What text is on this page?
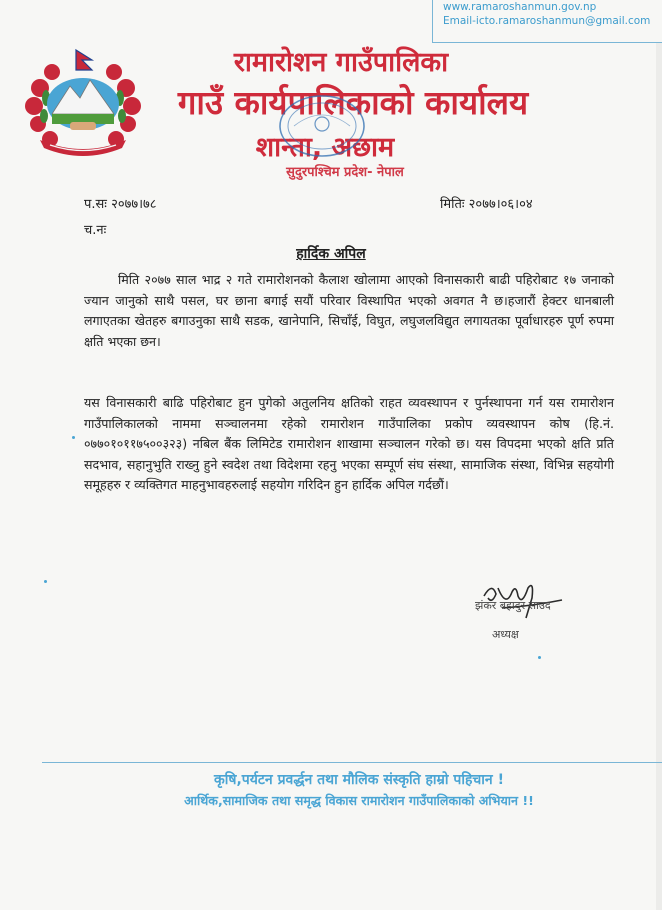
www.ramaroshanmun.gov.np
Email-icto.ramaroshanmun@gmail.com
रामारोशन गाउँपालिका
गाउँ कार्यपालिकाको कार्यालय
शान्ता, अछाम
सुदुरपश्चिम प्रदेश- नेपाल
प.सः २०७७।७८	मितिः २०७७।०६।०४
च.नः
हार्दिक अपिल
मिति २०७७ साल भाद्र २ गते रामारोशनको कैलाश खोलामा आएको विनासकारी बाढी पहिरोबाट १७ जनाको ज्यान जानुको साथै पसल, घर छाना बगाई सयौं परिवार विस्थापित भएको अवगत नै छ।हजारौं हेक्टर धानबाली लगाएतका खेतहरु बगाउनुका साथै सडक, खानेपानि, सिचाँई, विघुत, लघुजलविद्युत लगायतका पूर्वाधारहरु पूर्ण रुपमा क्षति भएका छन।
यस विनासकारी बाढि पहिरोबाट हुन पुगेको अतुलनिय क्षतिको राहत व्यवस्थापन र पुर्नस्थापना गर्न यस रामारोशन गाउँपालिकालको नाममा सञ्चालनमा रहेको रामारोशन गाउँपालिका प्रकोप व्यवस्थापन कोष (हि.नं. ०७७०१०११७५००३२३) नबिल बैंक लिमिटेड रामारोशन शाखामा सञ्चालन गरेको छ। यस विपदमा भएको क्षति प्रति सदभाव, सहानुभुति राख्नु हुने स्वदेश तथा विदेशमा रहनु भएका सम्पूर्ण संघ संस्था, सामाजिक संस्था, विभिन्न सहयोगी समूहहरु र व्यक्तिगत माहनुभावहरुलाई सहयोग गरिदिन हुन हार्दिक अपिल गर्दछौं।
झंकर बहादुर साउद
अध्यक्ष
कृषि,पर्यटन प्रवर्द्धन तथा मौलिक संस्कृति हाम्रो पहिचान !
आर्थिक,सामाजिक तथा समृद्ध विकास रामारोशन गाउँपालिकाको अभियान !!
